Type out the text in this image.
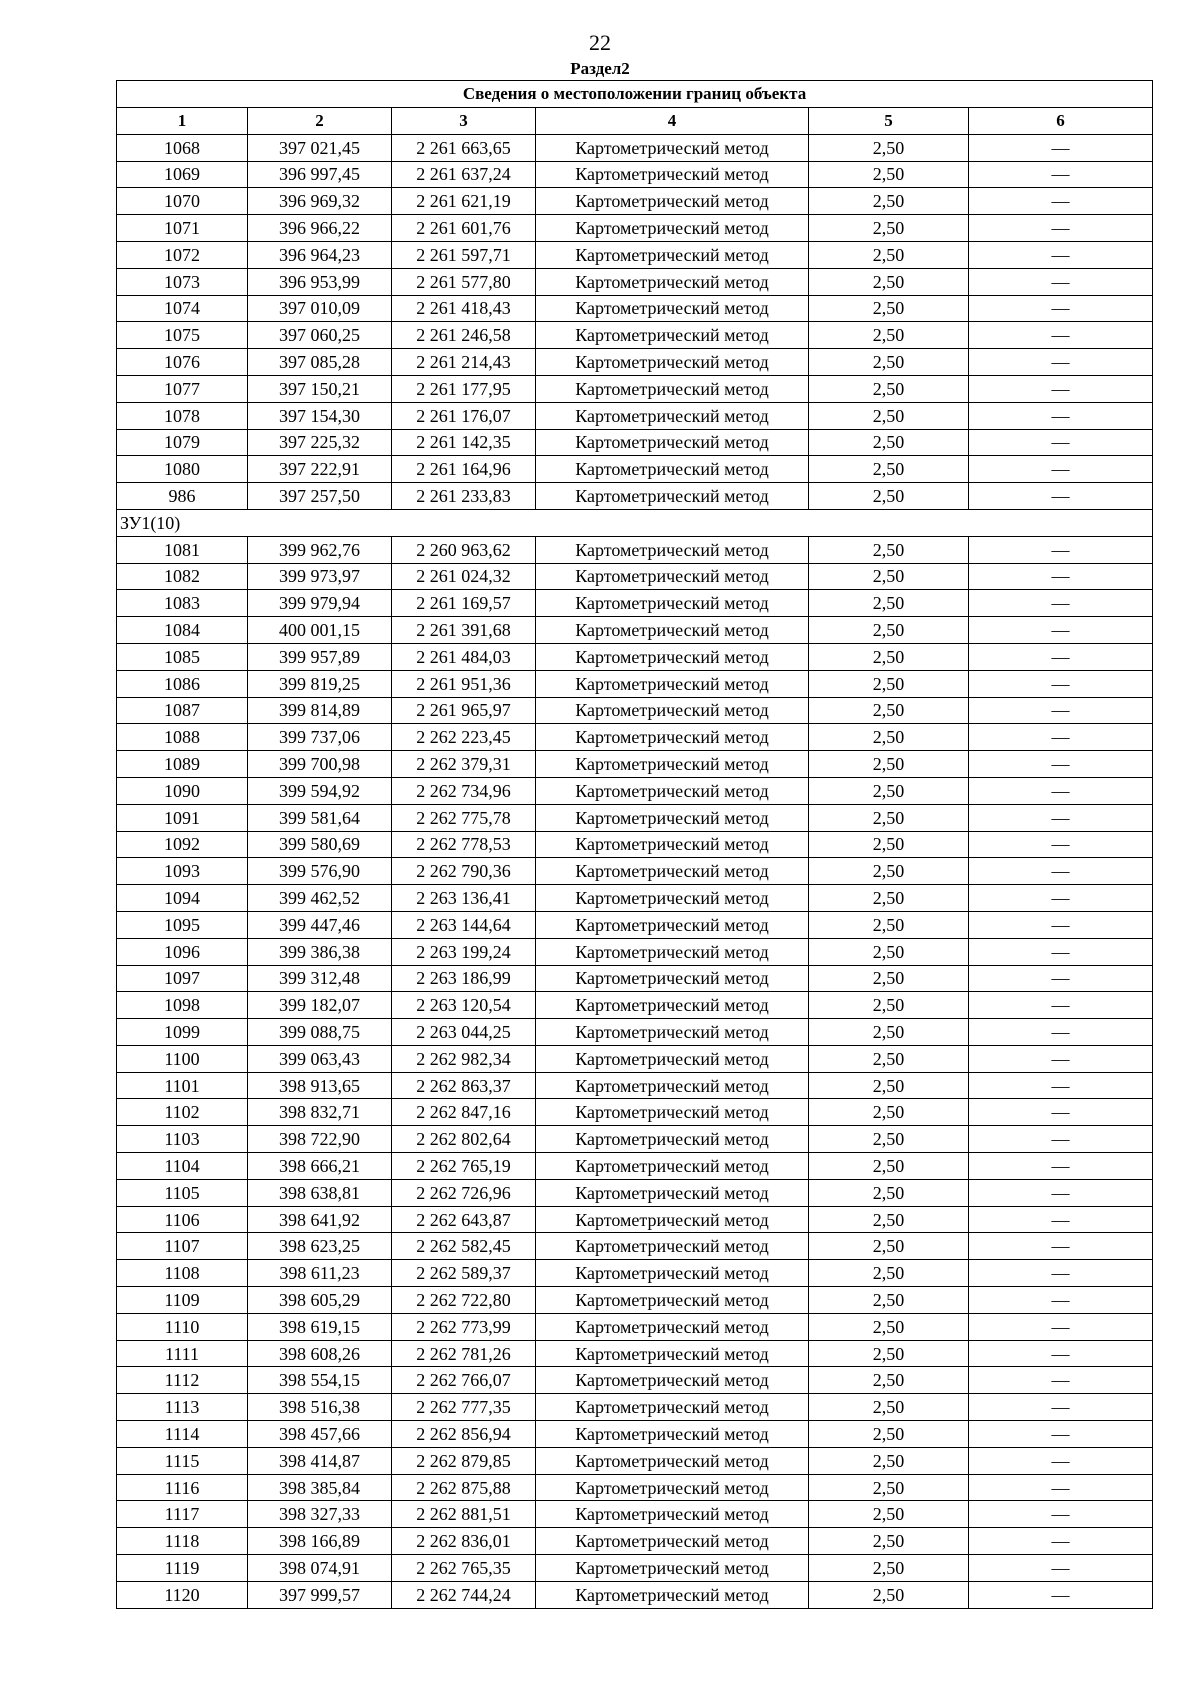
22
Раздел2
Сведения о местоположении границ объекта					
1	2	3	4	5	6
1068	397 021,45	2 261 663,65	Картометрический метод	2,50	—
1069	396 997,45	2 261 637,24	Картометрический метод	2,50	—
1070	396 969,32	2 261 621,19	Картометрический метод	2,50	—
1071	396 966,22	2 261 601,76	Картометрический метод	2,50	—
1072	396 964,23	2 261 597,71	Картометрический метод	2,50	—
1073	396 953,99	2 261 577,80	Картометрический метод	2,50	—
1074	397 010,09	2 261 418,43	Картометрический метод	2,50	—
1075	397 060,25	2 261 246,58	Картометрический метод	2,50	—
1076	397 085,28	2 261 214,43	Картометрический метод	2,50	—
1077	397 150,21	2 261 177,95	Картометрический метод	2,50	—
1078	397 154,30	2 261 176,07	Картометрический метод	2,50	—
1079	397 225,32	2 261 142,35	Картометрический метод	2,50	—
1080	397 222,91	2 261 164,96	Картометрический метод	2,50	—
986	397 257,50	2 261 233,83	Картометрический метод	2,50	—
ЗУ1(10)					
1081	399 962,76	2 260 963,62	Картометрический метод	2,50	—
1082	399 973,97	2 261 024,32	Картометрический метод	2,50	—
1083	399 979,94	2 261 169,57	Картометрический метод	2,50	—
1084	400 001,15	2 261 391,68	Картометрический метод	2,50	—
1085	399 957,89	2 261 484,03	Картометрический метод	2,50	—
1086	399 819,25	2 261 951,36	Картометрический метод	2,50	—
1087	399 814,89	2 261 965,97	Картометрический метод	2,50	—
1088	399 737,06	2 262 223,45	Картометрический метод	2,50	—
1089	399 700,98	2 262 379,31	Картометрический метод	2,50	—
1090	399 594,92	2 262 734,96	Картометрический метод	2,50	—
1091	399 581,64	2 262 775,78	Картометрический метод	2,50	—
1092	399 580,69	2 262 778,53	Картометрический метод	2,50	—
1093	399 576,90	2 262 790,36	Картометрический метод	2,50	—
1094	399 462,52	2 263 136,41	Картометрический метод	2,50	—
1095	399 447,46	2 263 144,64	Картометрический метод	2,50	—
1096	399 386,38	2 263 199,24	Картометрический метод	2,50	—
1097	399 312,48	2 263 186,99	Картометрический метод	2,50	—
1098	399 182,07	2 263 120,54	Картометрический метод	2,50	—
1099	399 088,75	2 263 044,25	Картометрический метод	2,50	—
1100	399 063,43	2 262 982,34	Картометрический метод	2,50	—
1101	398 913,65	2 262 863,37	Картометрический метод	2,50	—
1102	398 832,71	2 262 847,16	Картометрический метод	2,50	—
1103	398 722,90	2 262 802,64	Картометрический метод	2,50	—
1104	398 666,21	2 262 765,19	Картометрический метод	2,50	—
1105	398 638,81	2 262 726,96	Картометрический метод	2,50	—
1106	398 641,92	2 262 643,87	Картометрический метод	2,50	—
1107	398 623,25	2 262 582,45	Картометрический метод	2,50	—
1108	398 611,23	2 262 589,37	Картометрический метод	2,50	—
1109	398 605,29	2 262 722,80	Картометрический метод	2,50	—
1110	398 619,15	2 262 773,99	Картометрический метод	2,50	—
1111	398 608,26	2 262 781,26	Картометрический метод	2,50	—
1112	398 554,15	2 262 766,07	Картометрический метод	2,50	—
1113	398 516,38	2 262 777,35	Картометрический метод	2,50	—
1114	398 457,66	2 262 856,94	Картометрический метод	2,50	—
1115	398 414,87	2 262 879,85	Картометрический метод	2,50	—
1116	398 385,84	2 262 875,88	Картометрический метод	2,50	—
1117	398 327,33	2 262 881,51	Картометрический метод	2,50	—
1118	398 166,89	2 262 836,01	Картометрический метод	2,50	—
1119	398 074,91	2 262 765,35	Картометрический метод	2,50	—
1120	397 999,57	2 262 744,24	Картометрический метод	2,50	—
